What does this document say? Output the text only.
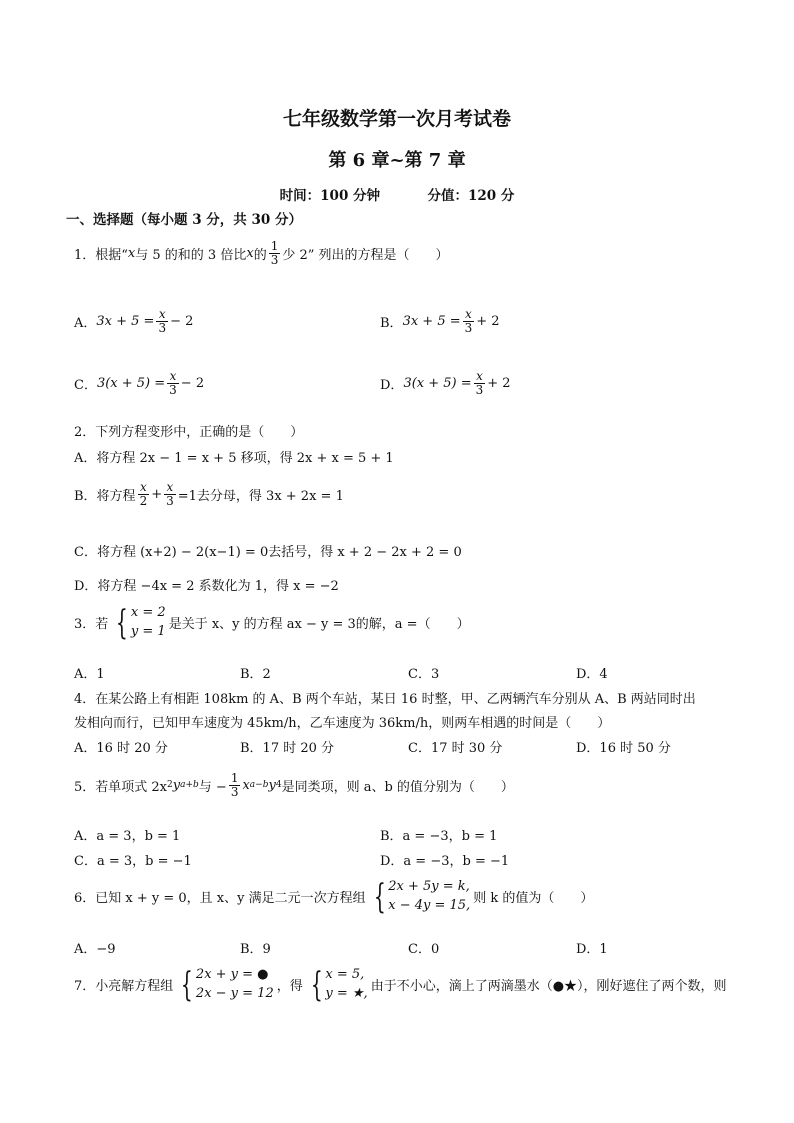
七年级数学第一次月考试卷
第 6 章~第 7 章
时间：100 分钟	分值：120 分
一、选择题（每小题 3 分，共 30 分）
1．根据“ x 与 5 的和的 3 倍比 x 的 $\frac{1}{3}$ 少 2” 列出的方程是（　　）
A． $3x + 5 = \frac{x}{3} - 2$	B． $3x + 5 = \frac{x}{3} + 2$
C． $3(x + 5) = \frac{x}{3} - 2$	D． $3(x + 5) = \frac{x}{3} + 2$
2．下列方程变形中，正确的是（　　）
A．将方程 2x − 1 = x + 5 移项，得 2x + x = 5 + 1
B．将方程 $\frac{x}{2} + \frac{x}{3} =1$去分母，得 3x + 2x = 1
C．将方程 (x+2) − 2(x−1) = 0去括号，得 x + 2 − 2x + 2 = 0
D．将方程 −4x = 2 系数化为 1，得 x = −2
3．若 { x = 2
y = 1 是关于 x、y 的方程 ax − y = 3的解，a =（　　）
A．1	B．2	C．3	D．4
4．在某公路上有相距 108km 的 A、B 两个车站，某日 16 时整，甲、乙两辆汽车分别从 A、B 两站同时出
发相向而行，已知甲车速度为 45km/h，乙车速度为 36km/h，则两车相遇的时间是（　　）
A．16 时 20 分	B．17 时 20 分	C．17 时 30 分	D．16 时 50 分
5．若单项式 2x 2 y a+b 与 − $\frac{1}{3}$ x a−b y 4 是同类项，则 a、b 的值分别为（　　）
A．a = 3，b = 1	B．a = −3，b = 1
C．a = 3，b = −1	D．a = −3，b = −1
6．已知 x + y = 0，且 x、y 满足二元一次方程组 { 2x + 5y = k,
x − 4y = 15, 则 k 的值为（　　）
A．−9	B．9	C．0	D．1
7．小亮解方程组 { 2x + y = ●
2x − y = 12 ，得 { x = 5,
y = ★, 由于不小心，滴上了两滴墨水（●★），刚好遮住了两个数，则
